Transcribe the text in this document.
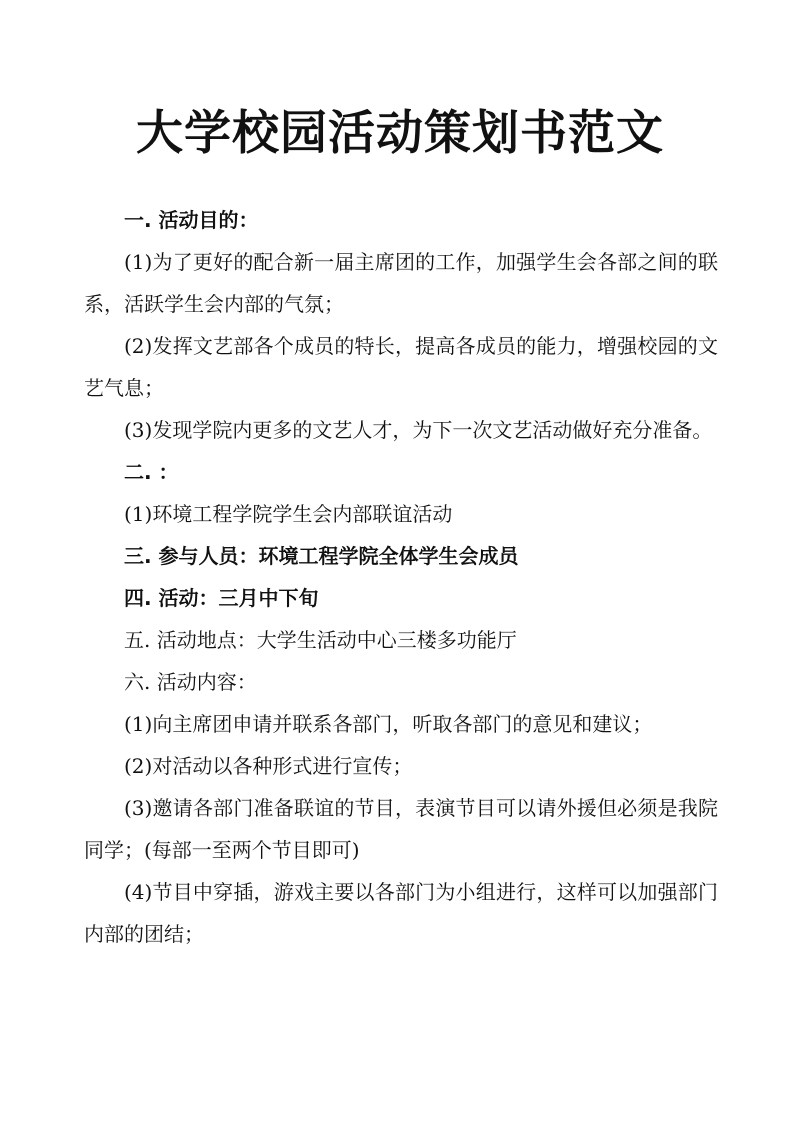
大学校园活动策划书范文

一. 活动目的：

(1)为了更好的配合新一届主席团的工作，加强学生会各部之间的联系，活跃学生会内部的气氛；

(2)发挥文艺部各个成员的特长，提高各成员的能力，增强校园的文艺气息；

(3)发现学院内更多的文艺人才，为下一次文艺活动做好充分准备。

二. ：

(1)环境工程学院学生会内部联谊活动

三. 参与人员：环境工程学院全体学生会成员

四. 活动：三月中下旬

五. 活动地点：大学生活动中心三楼多功能厅

六. 活动内容：

(1)向主席团申请并联系各部门，听取各部门的意见和建议；

(2)对活动以各种形式进行宣传；

(3)邀请各部门准备联谊的节目，表演节目可以请外援但必须是我院同学；(每部一至两个节目即可)

(4)节目中穿插，游戏主要以各部门为小组进行，这样可以加强部门内部的团结；
